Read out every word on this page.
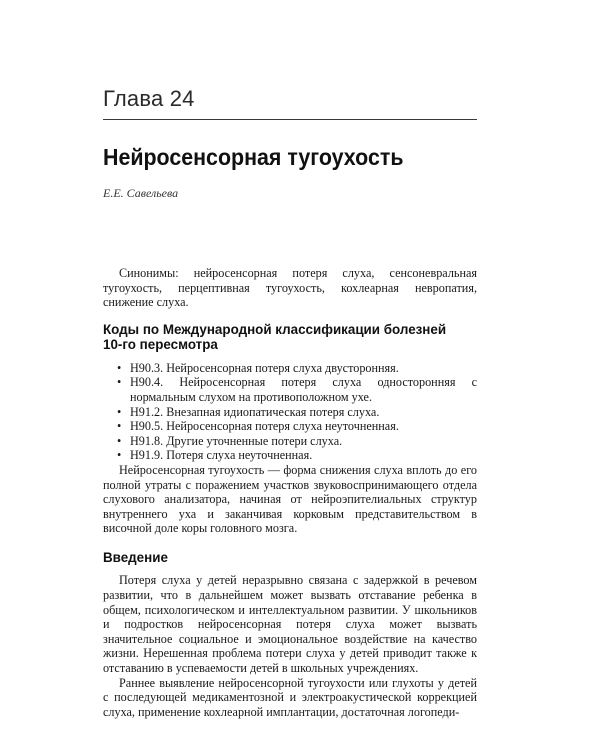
Глава 24
Нейросенсорная тугоухость
Е.Е. Савельева

Синонимы: нейросенсорная потеря слуха, сенсоневральная тугоухость, перцептивная тугоухость, кохлеарная невропатия, снижение слуха.

Коды по Международной классификации болезней
10-го пересмотра
• Н90.3. Нейросенсорная потеря слуха двусторонняя.
• Н90.4. Нейросенсорная потеря слуха односторонняя с нормальным слухом на противоположном ухе.
• Н91.2. Внезапная идиопатическая потеря слуха.
• Н90.5. Нейросенсорная потеря слуха неуточненная.
• Н91.8. Другие уточненные потери слуха.
• Н91.9. Потеря слуха неуточненная.

Нейросенсорная тугоухость — форма снижения слуха вплоть до его полной утраты с поражением участков звуковоспринимающего отдела слухового анализатора, начиная от нейроэпителиальных структур внутреннего уха и заканчивая корковым представительством в височной доле коры головного мозга.

Введение

Потеря слуха у детей неразрывно связана с задержкой в речевом развитии, что в дальнейшем может вызвать отставание ребенка в общем, психологическом и интеллектуальном развитии. У школьников и подростков нейросенсорная потеря слуха может вызвать значительное социальное и эмоциональное воздействие на качество жизни. Нерешенная проблема потери слуха у детей приводит также к отставанию в успеваемости детей в школьных учреждениях.

Раннее выявление нейросенсорной тугоухости или глухоты у детей с последующей медикаментозной и электроакустической коррекцией слуха, применение кохлеарной имплантации, достаточная логопеди-
